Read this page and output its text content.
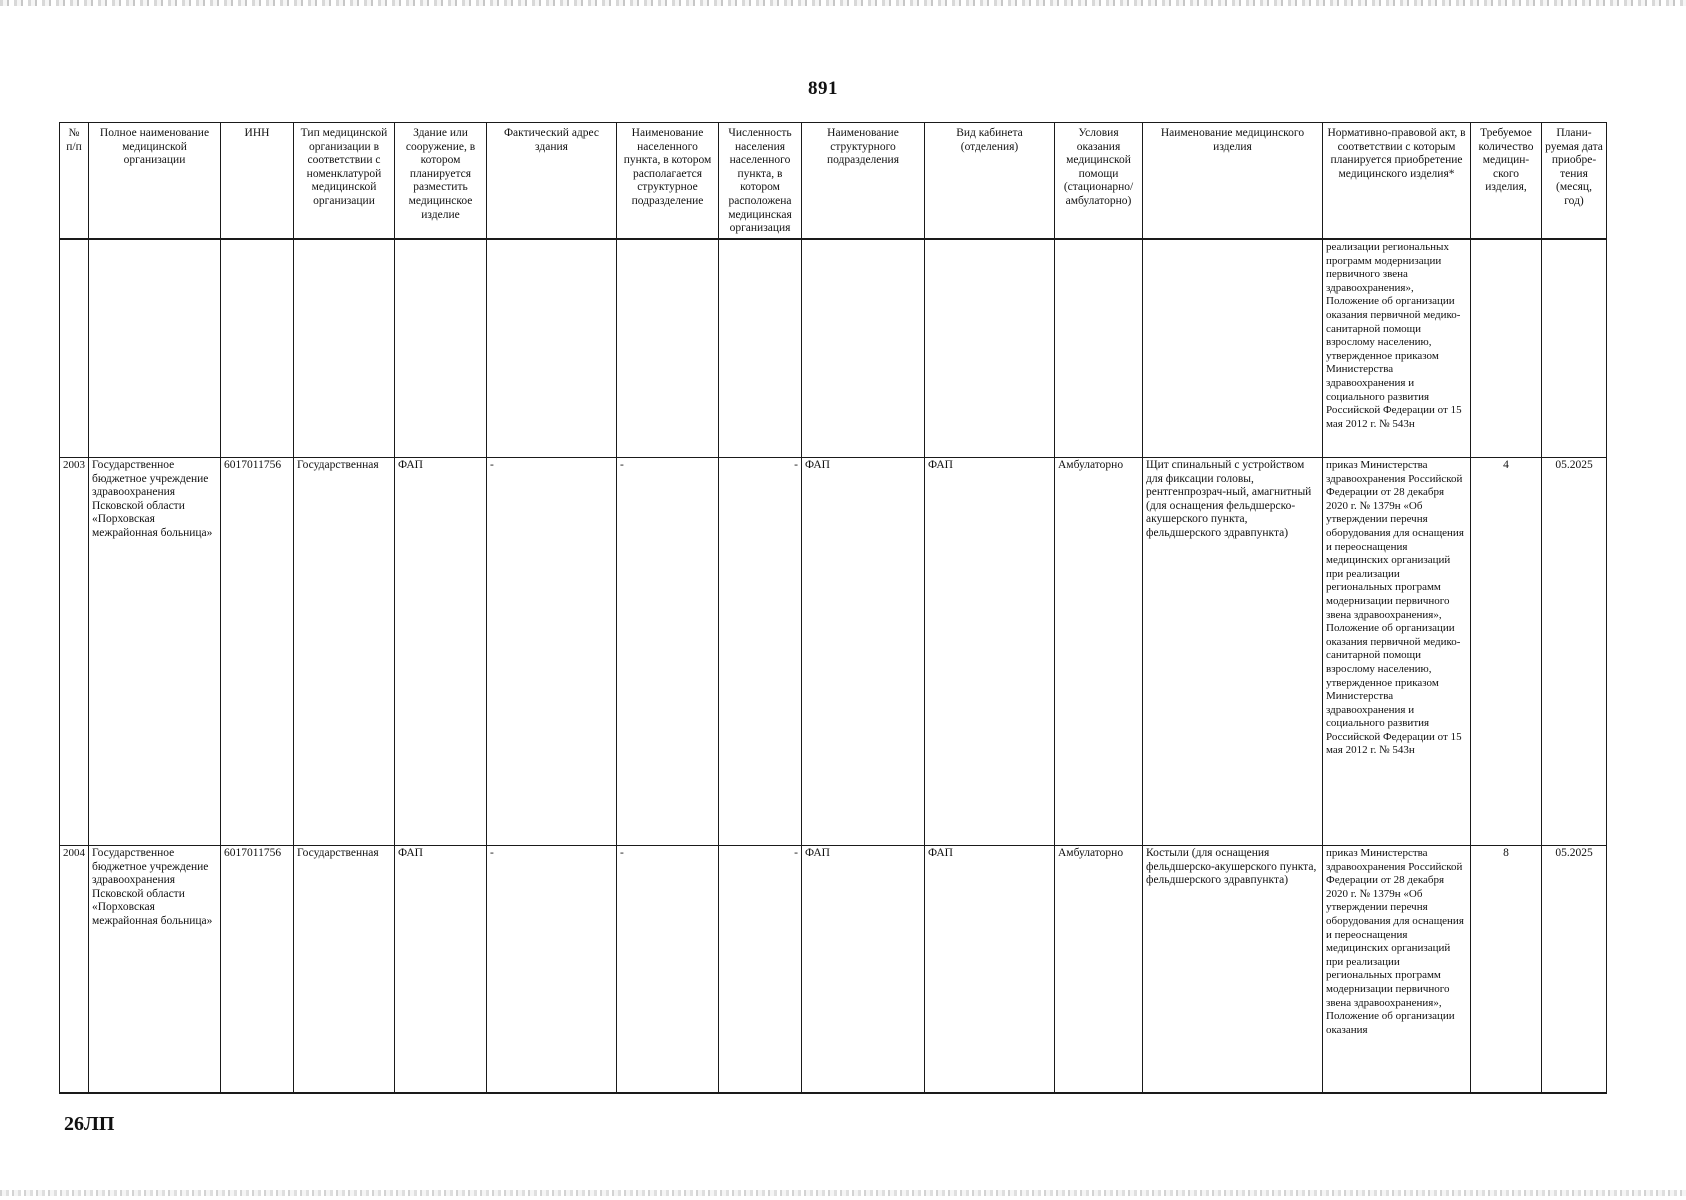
891
№ п/п	Полное наименование медицинской организации	ИНН	Тип медицинской организации в соответствии с номенклатурой медицинской организации	Здание или сооружение, в котором планируется разместить медицинское изделие	Фактический адрес здания	Наименование населенного пункта, в котором располагается структурное подразделение	Численность населения населенного пункта, в котором расположена медицинская организация	Наименование структурного подразделения	Вид кабинета (отделения)	Условия оказания медицинской помощи (стационарно/ амбулаторно)	Наименование медицинского изделия	Нормативно-правовой акт, в соответствии с которым планируется приобретение медицинского изделия*	Требуемое количество медицин-ского изделия,	Плани-руемая дата приобре-тения (месяц, год)
												реализации региональных программ модернизации первичного звена здравоохранения», Положение об организации оказания первичной медико-санитарной помощи взрослому населению, утвержденное приказом Министерства здравоохранения и социального развития Российской Федерации от 15 мая 2012 г. № 543н		
2003	Государственное бюджетное учреждение здравоохранения Псковской области «Порховская межрайонная больница»	6017011756	Государственная	ФАП	-	-	-	ФАП	ФАП	Амбулаторно	Щит спинальный с устройством для фиксации головы, рентгенпрозрач-ный, амагнитный (для оснащения фельдшерско-акушерского пункта, фельдшерского здравпункта)	приказ Министерства здравоохранения Российской Федерации от 28 декабря 2020 г. № 1379н «Об утверждении перечня оборудования для оснащения и переоснащения медицинских организаций при реализации региональных программ модернизации первичного звена здравоохранения», Положение об организации оказания первичной медико-санитарной помощи взрослому населению, утвержденное приказом Министерства здравоохранения и социального развития Российской Федерации от 15 мая 2012 г. № 543н	4	05.2025
2004	Государственное бюджетное учреждение здравоохранения Псковской области «Порховская межрайонная больница»	6017011756	Государственная	ФАП	-	-	-	ФАП	ФАП	Амбулаторно	Костыли (для оснащения фельдшерско-акушерского пункта, фельдшерского здравпункта)	приказ Министерства здравоохранения Российской Федерации от 28 декабря 2020 г. № 1379н «Об утверждении перечня оборудования для оснащения и переоснащения медицинских организаций при реализации региональных программ модернизации первичного звена здравоохранения», Положение об организации оказания	8	05.2025
26ЛП
